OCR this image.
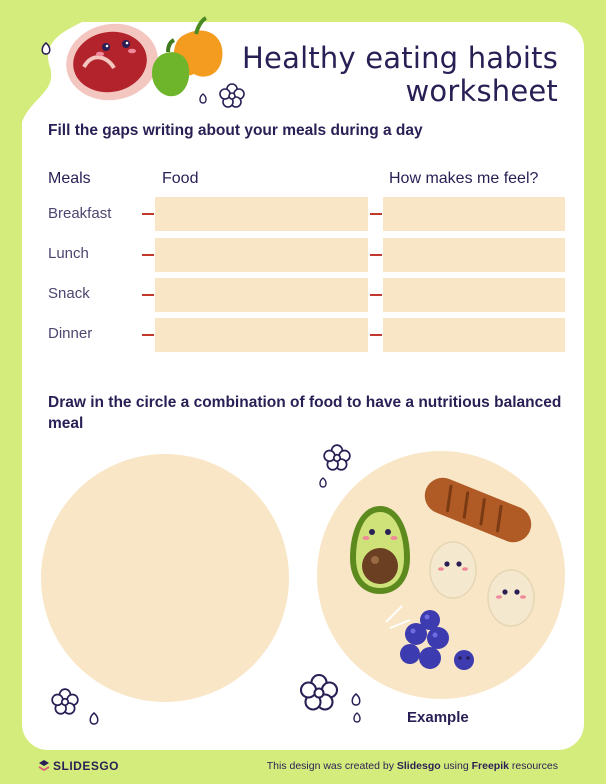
Healthy eating habits
worksheet
Fill the gaps writing about your meals during a day
Meals	Food	How makes me feel?
Breakfast
Lunch
Snack
Dinner
Draw in the circle a combination of food to have a nutritious balanced meal
Example
SLIDESGO	This design was created by Slidesgo using Freepik resources
